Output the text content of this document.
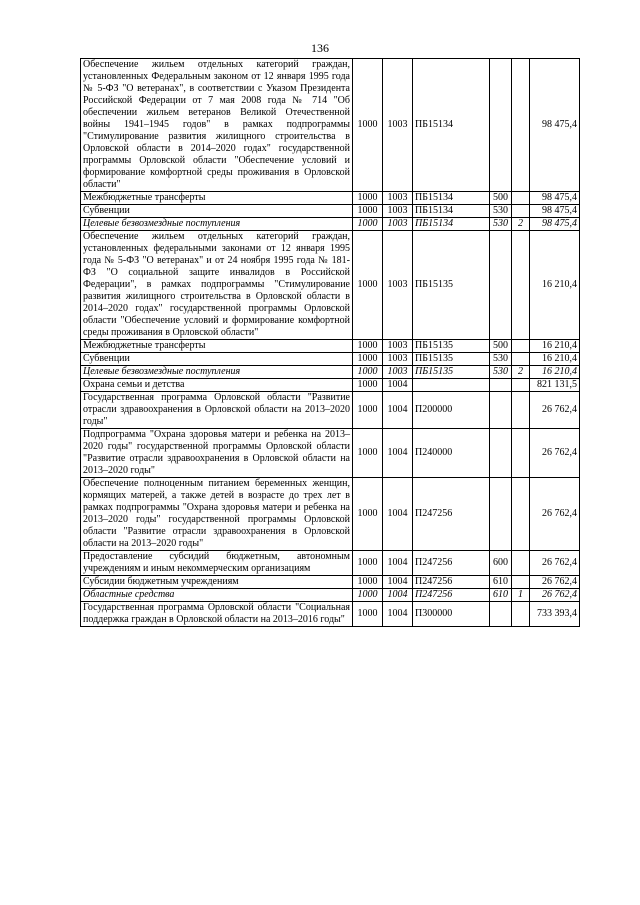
136
Обеспечение жильем отдельных категорий граждан, установленных Федеральным законом от 12 января 1995 года № 5-ФЗ "О ветеранах", в соответствии с Указом Президента Российской Федерации от 7 мая 2008 года № 714 "Об обеспечении жильем ветеранов Великой Отечественной войны 1941–1945 годов" в рамках подпрограммы "Стимулирование развития жилищного строительства в Орловской области в 2014–2020 годах" государственной программы Орловской области "Обеспечение условий и формирование комфортной среды проживания в Орловской области"	1000	1003	ПБ15134			98 475,4
Межбюджетные трансферты	1000	1003	ПБ15134	500		98 475,4
Субвенции	1000	1003	ПБ15134	530		98 475,4
Целевые безвозмездные поступления	1000	1003	ПБ15134	530	2	98 475,4
Обеспечение жильем отдельных категорий граждан, установленных федеральными законами от 12 января 1995 года № 5-ФЗ "О ветеранах" и от 24 ноября 1995 года № 181-ФЗ "О социальной защите инвалидов в Российской Федерации", в рамках подпрограммы "Стимулирование развития жилищного строительства в Орловской области в 2014–2020 годах" государственной программы Орловской области "Обеспечение условий и формирование комфортной среды проживания в Орловской области"	1000	1003	ПБ15135			16 210,4
Межбюджетные трансферты	1000	1003	ПБ15135	500		16 210,4
Субвенции	1000	1003	ПБ15135	530		16 210,4
Целевые безвозмездные поступления	1000	1003	ПБ15135	530	2	16 210,4
Охрана семьи и детства	1000	1004				821 131,5
Государственная программа Орловской области "Развитие отрасли здравоохранения в Орловской области на 2013–2020 годы"	1000	1004	П200000			26 762,4
Подпрограмма "Охрана здоровья матери и ребенка на 2013–2020 годы" государственной программы Орловской области "Развитие отрасли здравоохранения в Орловской области на 2013–2020 годы"	1000	1004	П240000			26 762,4
Обеспечение полноценным питанием беременных женщин, кормящих матерей, а также детей в возрасте до трех лет в рамках подпрограммы "Охрана здоровья матери и ребенка на 2013–2020 годы" государственной программы Орловской области "Развитие отрасли здравоохранения в Орловской области на 2013–2020 годы"	1000	1004	П247256			26 762,4
Предоставление субсидий бюджетным, автономным учреждениям и иным некоммерческим организациям	1000	1004	П247256	600		26 762,4
Субсидии бюджетным учреждениям	1000	1004	П247256	610		26 762,4
Областные средства	1000	1004	П247256	610	1	26 762,4
Государственная программа Орловской области "Социальная поддержка граждан в Орловской области на 2013–2016 годы"	1000	1004	П300000			733 393,4
